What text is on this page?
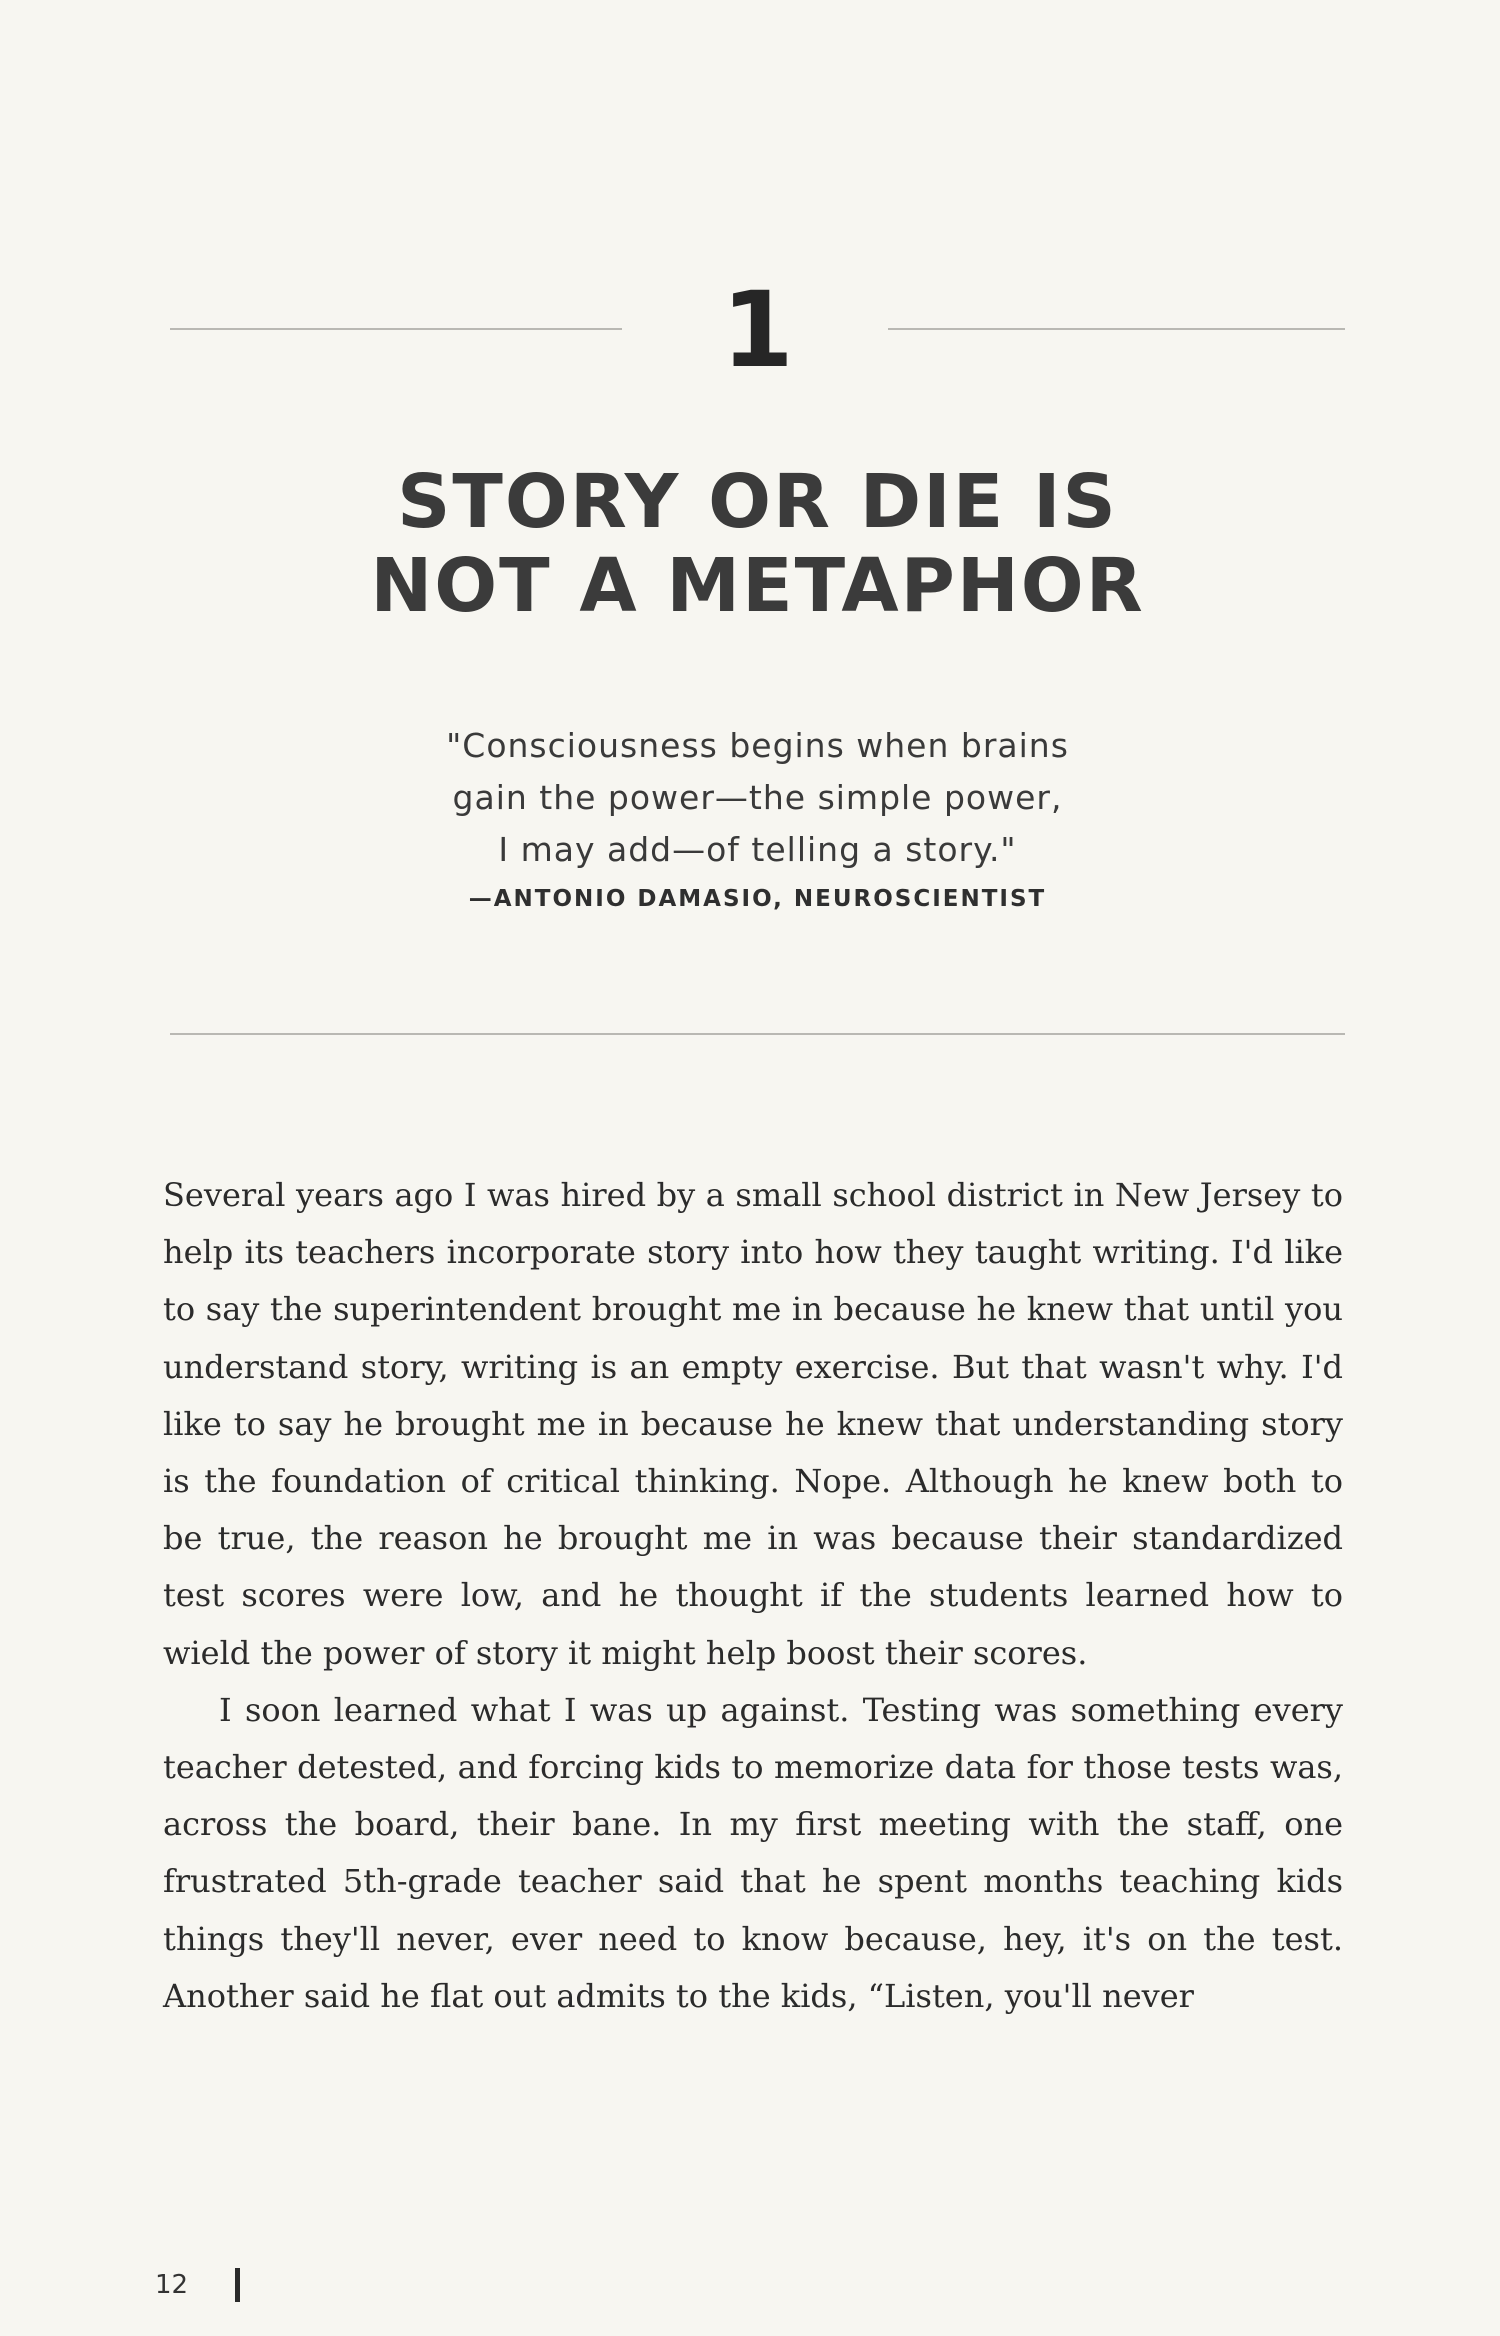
1
STORY OR DIE IS
NOT A METAPHOR
"Consciousness begins when brains
gain the power—the simple power,
I may add—of telling a story."
—ANTONIO DAMASIO, NEUROSCIENTIST

Several years ago I was hired by a small school district in New Jersey to help its teachers incorporate story into how they taught writing. I'd like to say the superintendent brought me in because he knew that until you understand story, writing is an empty exercise. But that wasn't why. I'd like to say he brought me in because he knew that understanding story is the foundation of critical thinking. Nope. Although he knew both to be true, the reason he brought me in was because their standardized test scores were low, and he thought if the students learned how to wield the power of story it might help boost their scores.

I soon learned what I was up against. Testing was something every teacher detested, and forcing kids to memorize data for those tests was, across the board, their bane. In my first meeting with the staff, one frustrated 5th-grade teacher said that he spent months teaching kids things they'll never, ever need to know because, hey, it's on the test. Another said he flat out admits to the kids, “Listen, you'll never

12
